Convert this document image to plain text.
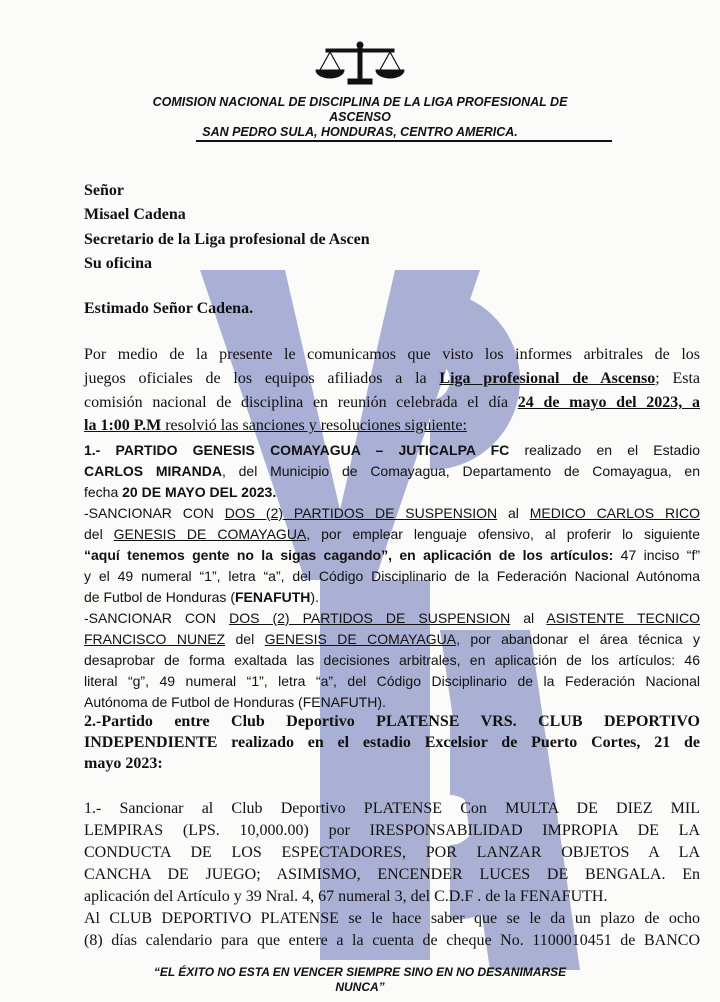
COMISION NACIONAL DE DISCIPLINA DE LA LIGA PROFESIONAL DE
ASCENSO
SAN PEDRO SULA, HONDURAS, CENTRO AMERICA.
Señor
Misael Cadena
Secretario de la Liga profesional de Ascen
Su oficina
Estimado Señor Cadena.
Por medio de la presente le comunicamos que visto los informes arbitrales de los
juegos oficiales de los equipos afiliados a la Liga profesional de Ascenso; Esta
comisión nacional de disciplina en reunión celebrada el día 24 de mayo del 2023, a
la 1:00 P.M resolvió las sanciones y resoluciones siguiente:
1.- PARTIDO GENESIS COMAYAGUA – JUTICALPA FC realizado en el Estadio
CARLOS MIRANDA, del Municipio de Comayagua, Departamento de Comayagua, en
fecha 20 DE MAYO DEL 2023.
-SANCIONAR CON DOS (2) PARTIDOS DE SUSPENSION al MEDICO CARLOS RICO
del GENESIS DE COMAYAGUA, por emplear lenguaje ofensivo, al proferir lo siguiente
“aquí tenemos gente no la sigas cagando”, en aplicación de los artículos: 47 inciso “f”
y el 49 numeral “1”, letra “a”, del Código Disciplinario de la Federación Nacional Autónoma
de Futbol de Honduras (FENAFUTH).
-SANCIONAR CON DOS (2) PARTIDOS DE SUSPENSION al ASISTENTE TECNICO
FRANCISCO NUNEZ del GENESIS DE COMAYAGUA, por abandonar el área técnica y
desaprobar de forma exaltada las decisiones arbitrales, en aplicación de los artículos: 46
literal “g”, 49 numeral “1”, letra “a”, del Código Disciplinario de la Federación Nacional
Autónoma de Futbol de Honduras (FENAFUTH).
2.-Partido entre Club Deportivo PLATENSE VRS. CLUB DEPORTIVO
INDEPENDIENTE realizado en el estadio Excelsior de Puerto Cortes, 21 de
mayo 2023:
1.- Sancionar al Club Deportivo PLATENSE Con MULTA DE DIEZ MIL
LEMPIRAS (LPS. 10,000.00) por IRESPONSABILIDAD IMPROPIA DE LA
CONDUCTA DE LOS ESPECTADORES, POR LANZAR OBJETOS A LA
CANCHA DE JUEGO; ASIMISMO, ENCENDER LUCES DE BENGALA. En
aplicación del Artículo y 39 Nral. 4, 67 numeral 3, del C.D.F . de la FENAFUTH.
Al CLUB DEPORTIVO PLATENSE se le hace saber que se le da un plazo de ocho
(8) días calendario para que entere a la cuenta de cheque No. 1100010451 de BANCO
“EL ÉXITO NO ESTA EN VENCER SIEMPRE SINO EN NO DESANIMARSE
NUNCA”
